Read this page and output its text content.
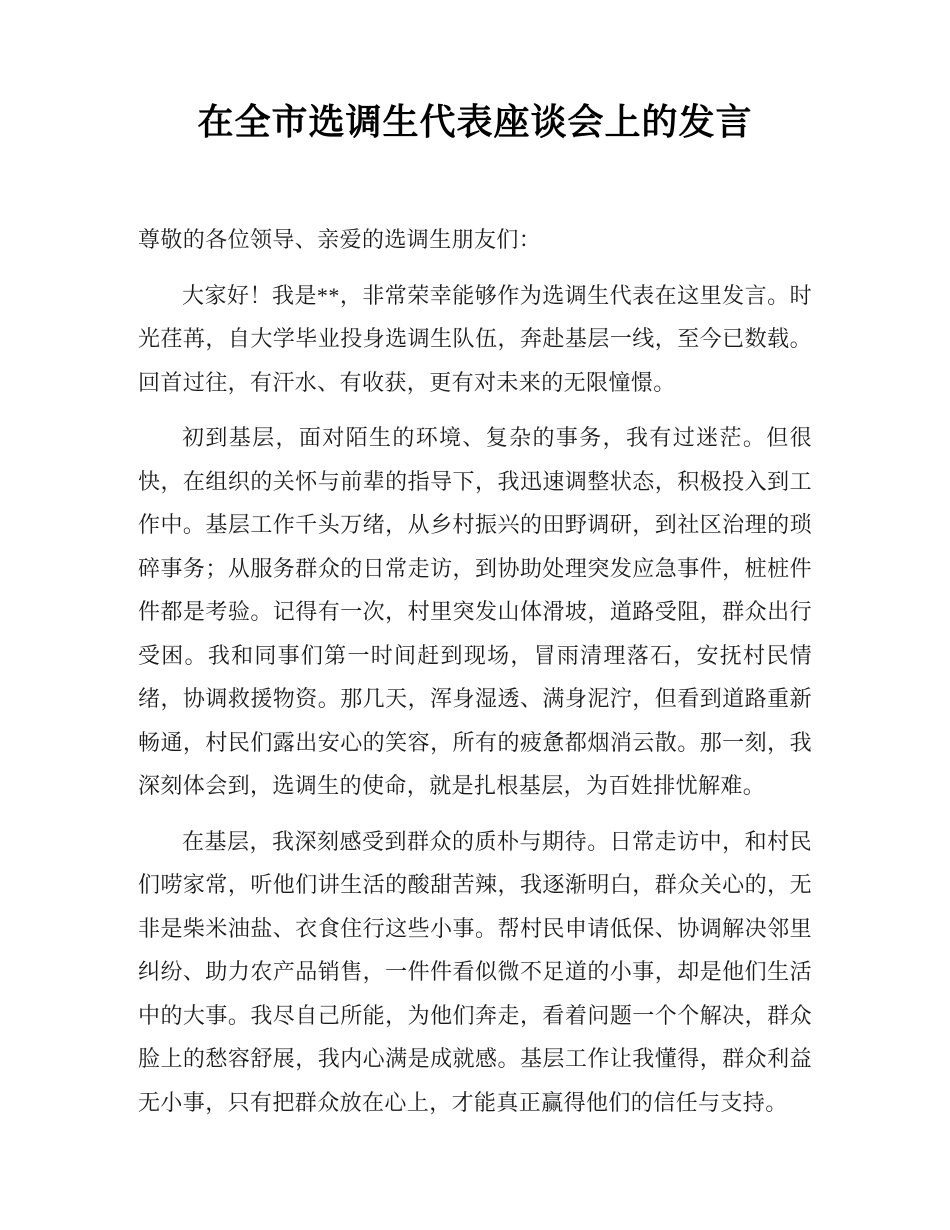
在全市选调生代表座谈会上的发言

尊敬的各位领导、亲爱的选调生朋友们：

大家好！我是**，非常荣幸能够作为选调生代表在这里发言。时光荏苒，自大学毕业投身选调生队伍，奔赴基层一线，至今已数载。回首过往，有汗水、有收获，更有对未来的无限憧憬。

初到基层，面对陌生的环境、复杂的事务，我有过迷茫。但很快，在组织的关怀与前辈的指导下，我迅速调整状态，积极投入到工作中。基层工作千头万绪，从乡村振兴的田野调研，到社区治理的琐碎事务；从服务群众的日常走访，到协助处理突发应急事件，桩桩件件都是考验。记得有一次，村里突发山体滑坡，道路受阻，群众出行受困。我和同事们第一时间赶到现场，冒雨清理落石，安抚村民情绪，协调救援物资。那几天，浑身湿透、满身泥泞，但看到道路重新畅通，村民们露出安心的笑容，所有的疲惫都烟消云散。那一刻，我深刻体会到，选调生的使命，就是扎根基层，为百姓排忧解难。

在基层，我深刻感受到群众的质朴与期待。日常走访中，和村民们唠家常，听他们讲生活的酸甜苦辣，我逐渐明白，群众关心的，无非是柴米油盐、衣食住行这些小事。帮村民申请低保、协调解决邻里纠纷、助力农产品销售，一件件看似微不足道的小事，却是他们生活中的大事。我尽自己所能，为他们奔走，看着问题一个个解决，群众脸上的愁容舒展，我内心满是成就感。基层工作让我懂得，群众利益无小事，只有把群众放在心上，才能真正赢得他们的信任与支持。
